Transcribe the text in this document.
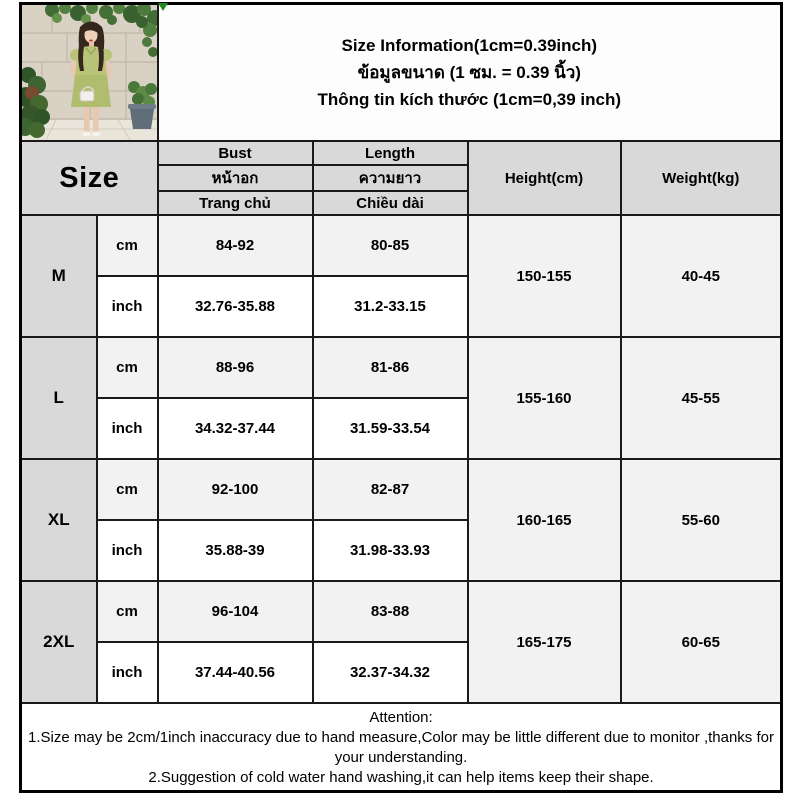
Size Information(1cm=0.39inch)
ข้อมูลขนาด (1 ซม. = 0.39 นิ้ว)
Thông tin kích thước (1cm=0,39 inch)			

Size		Bust	Length	Height(cm)	Weight(kg)
		หน้าอก	ความยาว		
		Trang chủ	Chiều dài		
M	cm	84-92	80-85	150-155	40-45
	inch	32.76-35.88	31.2-33.15		
L	cm	88-96	81-86	155-160	45-55
	inch	34.32-37.44	31.59-33.54		
XL	cm	92-100	82-87	160-165	55-60
	inch	35.88-39	31.98-33.93		
2XL	cm	96-104	83-88	165-175	60-65
	inch	37.44-40.56	32.37-34.32		

Attention:
1.Size may be 2cm/1inch inaccuracy due to hand measure,Color may be little different due to monitor ,thanks for your understanding.
2.Suggestion of cold water hand washing,it can help items keep their shape.					
